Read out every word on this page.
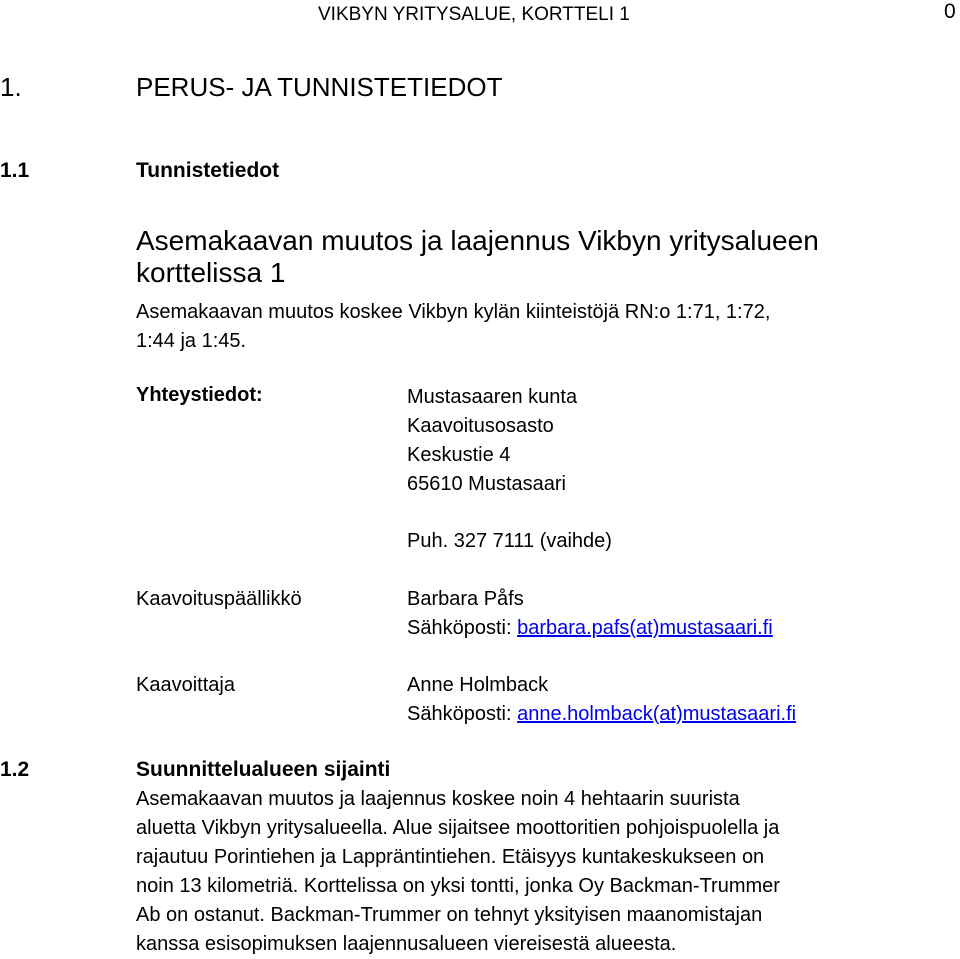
VIKBYN YRITYSALUE, KORTTELI 1	0
1.	PERUS- JA TUNNISTETIEDOT
1.1	Tunnistetiedot
Asemakaavan muutos ja laajennus Vikbyn yritysalueen korttelissa 1
Asemakaavan muutos koskee Vikbyn kylän kiinteistöjä RN:o 1:71, 1:72, 1:44 ja 1:45.
Yhteystiedot:	Mustasaaren kunta
Kaavoitusosasto
Keskustie 4
65610 Mustasaari
Puh. 327 7111 (vaihde)
Kaavoituspäällikkö	Barbara Påfs
Sähköposti: barbara.pafs(at)mustasaari.fi
Kaavoittaja	Anne Holmback
Sähköposti: anne.holmback(at)mustasaari.fi
1.2	Suunnittelualueen sijainti
Asemakaavan muutos ja laajennus koskee noin 4 hehtaarin suurista
aluetta Vikbyn yritysalueella. Alue sijaitsee moottoritien pohjoispuolella ja
rajautuu Porintiehen ja Lappräntintiehen. Etäisyys kuntakeskukseen on
noin 13 kilometriä. Korttelissa on yksi tontti, jonka Oy Backman-Trummer
Ab on ostanut. Backman-Trummer on tehnyt yksityisen maanomistajan
kanssa esisopimuksen laajennusalueen viereisestä alueesta.
